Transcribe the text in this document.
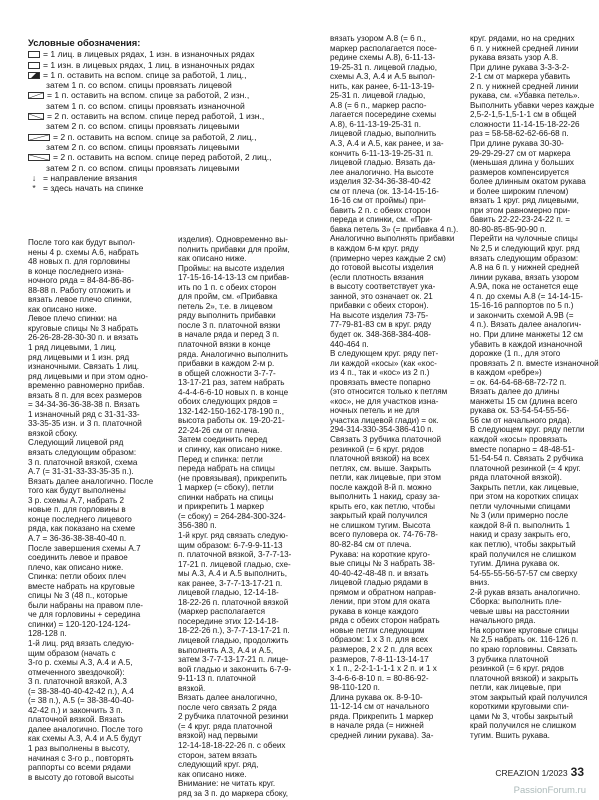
Условные обозначения:
= 1 лиц. в лицевых рядах, 1 изн. в изнаночных рядах
= 1 изн. в лицевых рядах, 1 лиц. в изнаночных рядах
= 1 п. оставить на вспом. спице за работой, 1 лиц.,
затем 1 п. со вспом. спицы провязать лицевой
= 1 п. оставить на вспом. спице за работой, 2 изн.,
затем 1 п. со вспом. спицы провязать изнаночной
= 2 п. оставить на вспом. спице перед работой, 1 изн.,
затем 2 п. со вспом. спицы провязать лицевыми
= 2 п. оставить на вспом. спице за работой, 2 лиц.,
затем 2 п. со вспом. спицы провязать лицевыми
= 2 п. оставить на вспом. спице перед работой, 2 лиц.,
затем 2 п. со вспом. спицы провязать лицевыми
↓ = направление вязания
* = здесь начать на спинке
После того как будут выпол-
нены 4 р. схемы А.6, набрать
48 новых п. для горловины
в конце последнего изна-
ночного ряда = 84-84-86-86-
88-88 п. Работу отложить и
вязать левое плечо спинки,
как описано ниже.
Левое плечо спинки: на
круговые спицы № 3 набрать
26-26-28-28-30-30 п. и вязать
1 ряд лицевыми, 1 лиц.
ряд лицевыми и 1 изн. ряд
изнаночными. Связать 1 лиц.
ряд лицевыми и при этом одно-
временно равномерно прибав.
вязать 8 п. для всех размеров
= 34-34-36-36-38-38 п. Вязать
1 изнаночный ряд с 31-31-33-
33-35-35 изн. и 3 п. платочной
вязкой сбоку.
Следующий лицевой ряд
вязать следующим образом:
3 п. платочной вязкой, схема
А.7 (= 31-31-33-33-35-35 п.).
Вязать далее аналогично. После
того как будут выполнены
3 р. схемы А.7, набрать 2
новые п. для горловины в
конце последнего лицевого
ряда, как показано на схеме
А.7 = 36-36-38-38-40-40 п.
После завершения схемы А.7
соединить левое и правое
плечо, как описано ниже.
Спинка: петли обоих плеч
вместе набрать на круговые
спицы № 3 (48 п., которые
были набраны на правом пле-
че для горловины + середина
спинки) = 120-120-124-124-
128-128 п.
1-й лиц. ряд вязать следую-
щим образом (начать с
3-го р. схемы А.3, А.4 и А.5,
отмеченного звездочкой):
3 п. платочной вязкой, А.3
(= 38-38-40-40-42-42 п.), А.4
(= 38 п.), А.5 (= 38-38-40-40-
42-42 п.) и закончить 3 п.
платочной вязкой. Вязать
далее аналогично. После того
как схемы А.3, А.4 и А.5 будут
1 раз выполнены в высоту,
начиная с 3-го р., повторять
раппорты со всеми рядами
в высоту до готовой высоты
изделия). Одновременно вы-
полнить прибавки для пройм,
как описано ниже.
Проймы: на высоте изделия
17-15-16-14-13-13 см прибав-
ить по 1 п. с обеих сторон
для пройм, см. «Прибавка
петель 2», т.е. в лицевом
ряду выполнить прибавки
после 3 п. платочной вязки
в начале ряда и перед 3 п.
платочной вязки в конце
ряда. Аналогично выполнить
прибавки в каждом 2-м р.
в общей сложности 3-7-7-
13-17-21 раз, затем набрать
4-4-4-6-6-10 новых п. в конце
обоих следующих рядов =
132-142-150-162-178-190 п.,
высота работы ок. 19-20-21-
22-24-26 см от плеча.
Затем соединить перед
и спинку, как описано ниже.
Перед и спинка: петли
переда набрать на спицы
(не провязывая), прикрепить
1 маркер (= сбоку), петли
спинки набрать на спицы
и прикрепить 1 маркер
(= сбоку) = 264-284-300-324-
356-380 п.
1-й круг. ряд связать следую-
щим образом: 6-7-9-9-11-13
п. платочной вязкой, 3-7-7-13-
17-21 п. лицевой гладью, схе-
мы А.3, А.4 и А.5 выполнить,
как ранее, 3-7-7-13-17-21 п.
лицевой гладью, 12-14-18-
18-22-26 п. платочной вязкой
(маркер располагается
посередине этих 12-14-18-
18-22-26 п.), 3-7-7-13-17-21 п.
лицевой гладью, продолжить
выполнять А.3, А.4 и А.5,
затем 3-7-7-13-17-21 п. лице-
вой гладью и закончить 6-7-9-
9-11-13 п. платочной
вязкой.
Вязать далее аналогично,
после чего связать 2 ряда
2 рубчика платочной резинки
(= 4 круг. ряда платочной
вязкой) над первыми
12-14-18-18-22-26 п. с обеих
сторон, затем вязать
следующий круг. ряд,
как описано ниже.
Внимание: не читать круг.
ряд за 3 п. до маркера сбоку,
вязать узором А.8 (= 6 п.,
маркер располагается посе-
редине схемы А.8), 6-11-13-
19-25-31 п. лицевой гладью,
схемы А.3, А.4 и А.5 выпол-
нить, как ранее, 6-11-13-19-
25-31 п. лицевой гладью,
А.8 (= 6 п., маркер распо-
лагается посередине схемы
А.8), 6-11-13-19-25-31 п.
лицевой гладью, выполнить
А.3, А.4 и А.5, как ранее, и за-
кончить 6-11-13-19-25-31 п.
лицевой гладью. Вязать да-
лее аналогично. На высоте
изделия 32-34-36-38-40-42
см от плеча (ок. 13-14-15-16-
16-16 см от проймы) при-
бавить 2 п. с обеих сторон
переда и спинки, см. «При-
бавка петель 3» (= прибавка 4 п.).
Аналогично выполнять прибавки
в каждом 6-м круг. ряду
(примерно через каждые 2 см)
до готовой высоты изделия
(если плотность вязания
в высоту соответствует ука-
занной, это означает ок. 21
прибавки с обеих сторон).
На высоте изделия 73-75-
77-79-81-83 см в круг. ряду
будет ок. 348-368-384-408-
440-464 п.
В следующем круг. ряду пет-
ли каждой «косы» (как «кос-
из 4 п., так и «кос» из 2 п.)
провязать вместе попарно
(это относится только к петлям
«кос», не для участков изна-
ночных петель и не для
участка лицевой глади) = ок.
294-314-330-354-386-410 п.
Связать 3 рубчика платочной
резинкой (= 6 круг. рядов
платочной вязкой) на всех
петлях, см. выше. Закрыть
петли, как лицевые, при этом
после каждой 8-й п. можно
выполнить 1 накид, сразу за-
крыть его, как петлю, чтобы
закрытый край получился
не слишком тугим. Высота
всего пуловера ок. 74-76-78-
80-82-84 см от плеча.
Рукава: на короткие круго-
вые спицы № 3 набрать 38-
40-40-42-48-48 п. и вязать
лицевой гладью рядами в
прямом и обратном направ-
лении, при этом для оката
рукава в конце каждого
ряда с обеих сторон набрать
новые петли следующим
образом: 1 х 3 п. для всех
размеров, 2 х 2 п. для всех
размеров, 7-8-11-13-14-17
х 1 п., 2-2-1-1-1-1 х 2 п. и 1 х
3-4-6-6-8-10 п. = 80-86-92-
98-110-120 п.
Длина рукава ок. 8-9-10-
11-12-14 см от начального
ряда. Прикрепить 1 маркер
в начале ряда (= нижней
средней линии рукава). За-
круг. рядами, но на средних
6 п. у нижней средней линии
рукава вязать узор А.8.
При длине рукава 3-3-3-2-
2-1 см от маркера убавить
2 п. у нижней средней линии
рукава, см. «Убавка петель».
Выполнить убавки через каждые
2,5-2-1,5-1,5-1-1 см в общей
сложности 11-14-15-18-22-26
раз = 58-58-62-62-66-68 п.
При длине рукава 30-30-
29-29-29-27 см от маркера
(меньшая длина у больших
размеров компенсируется
более длинным окатом рукава
и более широким плечом)
вязать 1 круг. ряд лицевыми,
при этом равномерно при-
бавить 22-22-23-24-22 п. =
80-80-85-85-90-90 п.
Перейти на чулочные спицы
№ 2,5 и следующий круг. ряд
вязать следующим образом:
А.8 на 6 п. у нижней средней
линии рукава, вязать узором
А.9А, пока не останется еще
4 п. до схемы А.8 (= 14-14-15-
15-16-16 раппортов по 5 п.)
и закончить схемой А.9В (=
4 п.). Вязать далее аналогич-
но. При длине манжеты 12 см
убавить в каждой изнаночной
дорожке (1 п., для этого
провязать 2 п. вместе изнаночной
в каждом «ребре»)
= ок. 64-64-68-68-72-72 п.
Вязать далее до длины
манжеты 15 см (длина всего
рукава ок. 53-54-54-55-56-
56 см от начального ряда).
В следующем круг. ряду петли
каждой «косы» провязать
вместе попарно = 48-48-51-
51-54-54 п. Связать 2 рубчика
платочной резинкой (= 4 круг.
ряда платочной вязкой).
Закрыть петли, как лицевые,
при этом на коротких спицах
петли чулочными спицами
№ 3 (или примерно после
каждой 8-й п. выполнить 1
накид и сразу закрыть его,
как петлю), чтобы закрытый
край получился не слишком
тугим. Длина рукава ок.
54-55-55-56-57-57 см сверху
вниз.
2-й рукав вязать аналогично.
Сборка: выполнить пле-
чевые швы на расстоянии
начального ряда.
На короткие круговые спицы
№ 2,5 набрать ок. 116-126 п.
по краю горловины. Связать
3 рубчика платочной
резинкой (= 6 круг. рядов
платочной вязкой) и закрыть
петли, как лицевые, при
этом закрытый край получился
короткими круговыми спи-
цами № 3, чтобы закрытый
край получился не слишком
тугим. Вшить рукава.
CREAZION 1/2023 33
PassionForum.ru
